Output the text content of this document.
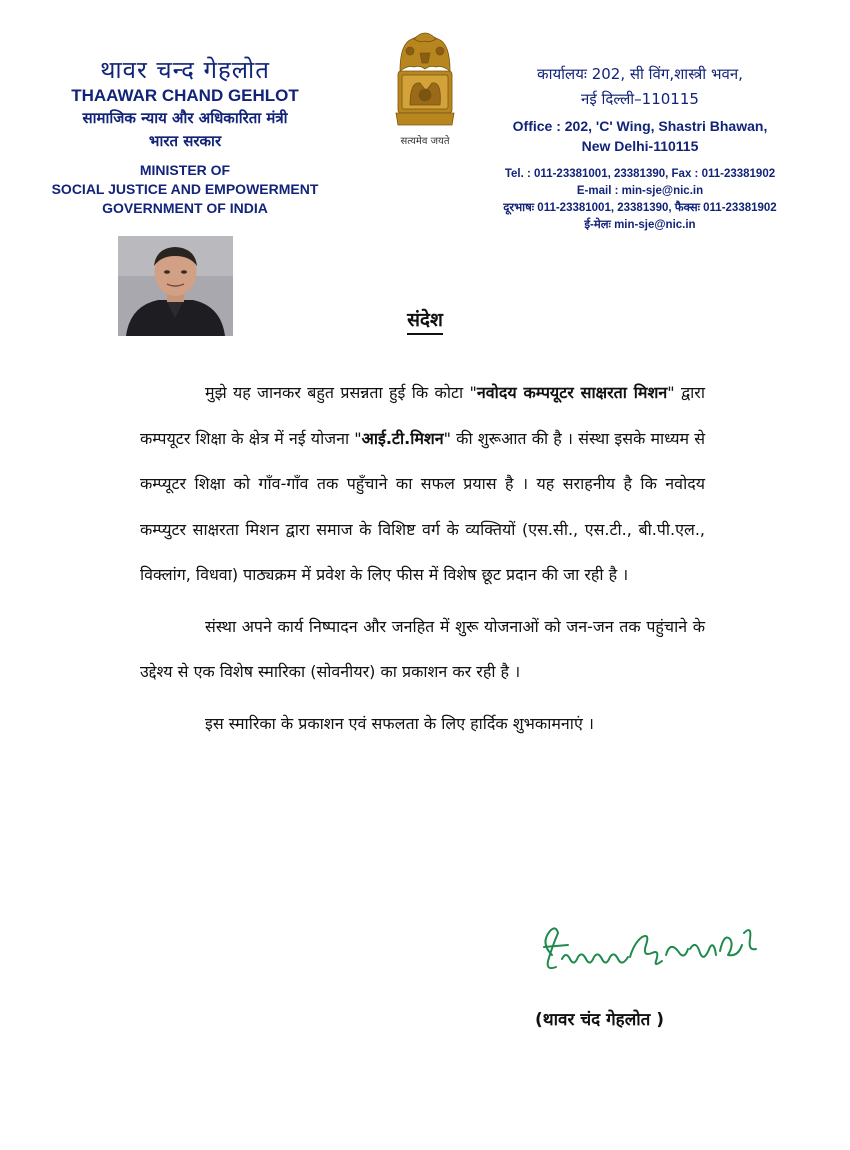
थावर चन्द गेहलोत
THAAWAR CHAND GEHLOT
सामाजिक न्याय और अधिकारिता मंत्री
भारत सरकार
MINISTER OF
SOCIAL JUSTICE AND EMPOWERMENT
GOVERNMENT OF INDIA
सत्यमेव जयते
कार्यालयः 202, सी विंग,शास्त्री भवन,
नई दिल्ली–110115
Office : 202, 'C' Wing, Shastri Bhawan,
New Delhi-110115
Tel. : 011-23381001, 23381390, Fax : 011-23381902
E-mail : min-sje@nic.in
दूरभाषः 011-23381001, 23381390, फैक्सः 011-23381902
ई-मेलः min-sje@nic.in
संदेश

मुझे यह जानकर बहुत प्रसन्नता हुई कि कोटा "नवोदय कम्पयूटर साक्षरता मिशन" द्वारा कम्पयूटर शिक्षा के क्षेत्र में नई योजना "आई.टी.मिशन" की शुरूआत की है । संस्था इसके माध्यम से कम्प्यूटर शिक्षा को गाँव-गाँव तक पहुँचाने का सफल प्रयास है । यह सराहनीय है कि नवोदय कम्प्युटर साक्षरता मिशन द्वारा समाज के विशिष्ट वर्ग के व्यक्तियों (एस.सी., एस.टी., बी.पी.एल., विक्लांग, विधवा) पाठ्यक्रम में प्रवेश के लिए फीस में विशेष छूट प्रदान की जा रही है ।

संस्था अपने कार्य निष्पादन और जनहित में शुरू योजनाओं को जन-जन तक पहुंचाने के उद्देश्य से एक विशेष स्मारिका (सोवनीयर) का प्रकाशन कर रही है ।

इस स्मारिका के प्रकाशन एवं सफलता के लिए हार्दिक शुभकामनाएं ।

(थावर चंद गेहलोत )
